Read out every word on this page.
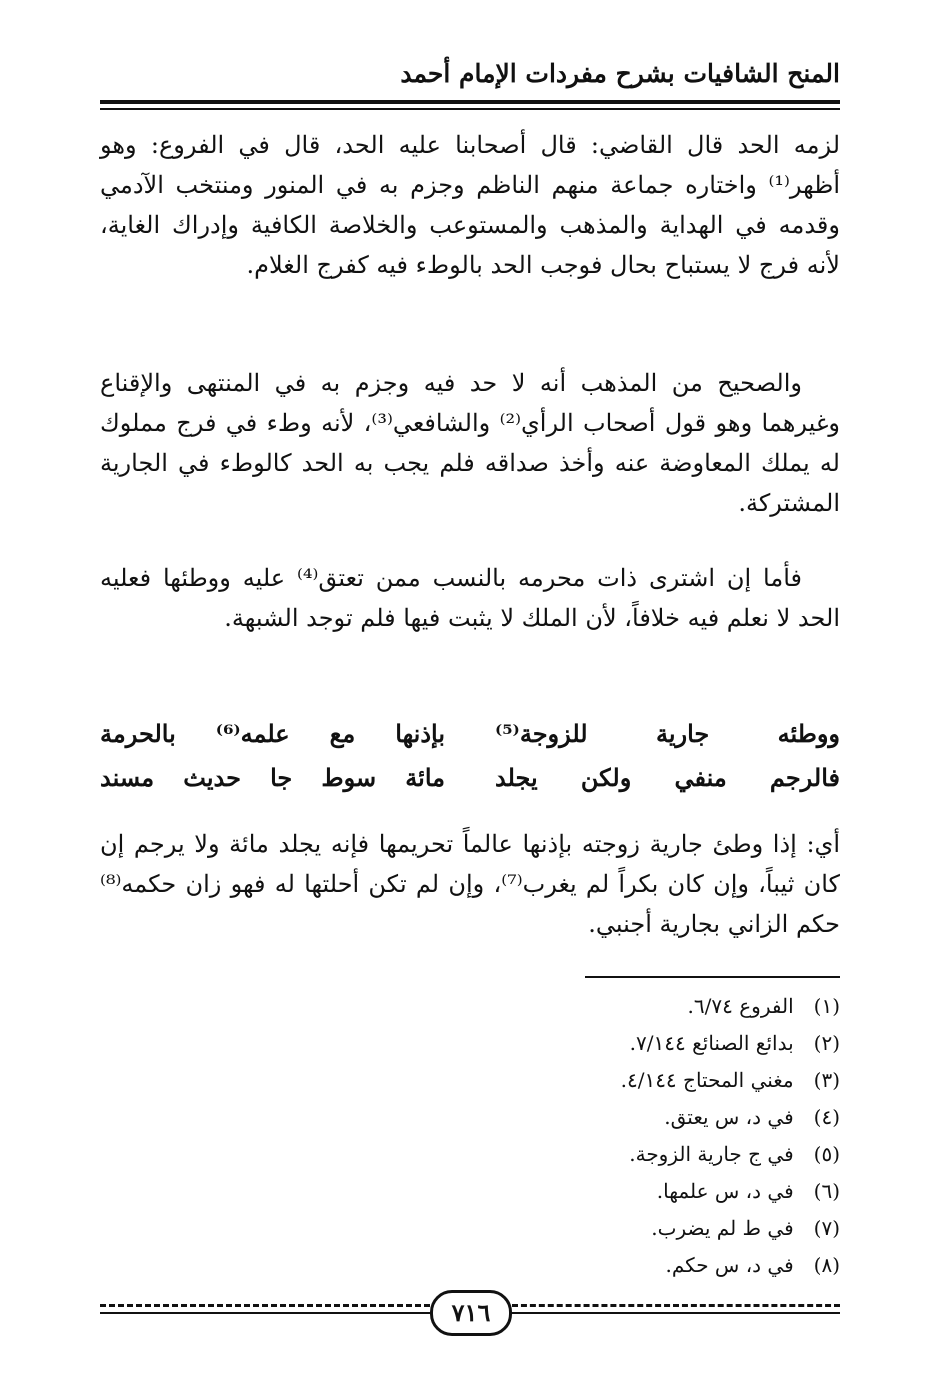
المنح الشافيات بشرح مفردات الإمام أحمد

لزمه الحد قال القاضي: قال أصحابنا عليه الحد، قال في الفروع: وهو أظهر⁽¹⁾ واختاره جماعة منهم الناظم وجزم به في المنور ومنتخب الآدمي وقدمه في الهداية والمذهب والمستوعب والخلاصة الكافية وإدراك الغاية، لأنه فرج لا يستباح بحال فوجب الحد بالوطء فيه كفرج الغلام.

والصحيح من المذهب أنه لا حد فيه وجزم به في المنتهى والإقناع وغيرهما وهو قول أصحاب الرأي⁽²⁾ والشافعي⁽³⁾، لأنه وطء في فرج مملوك له يملك المعاوضة عنه وأخذ صداقه فلم يجب به الحد كالوطء في الجارية المشتركة.

فأما إن اشترى ذات محرمه بالنسب ممن تعتق⁽⁴⁾ عليه ووطئها فعليه الحد لا نعلم فيه خلافاً، لأن الملك لا يثبت فيها فلم توجد الشبهة.

ووطئه جارية للزوجة⁽⁵⁾
بإذنها مع علمه⁽⁶⁾ بالحرمة
فالرجم منفي ولكن يجلد
مائة سوط جا حديث مسند

أي: إذا وطئ جارية زوجته بإذنها عالماً تحريمها فإنه يجلد مائة ولا يرجم إن كان ثيباً، وإن كان بكراً لم يغرب⁽⁷⁾، وإن لم تكن أحلتها له فهو زان حكمه⁽⁸⁾ حكم الزاني بجارية أجنبي.

(١) الفروع ٦/٧٤.
(٢) بدائع الصنائع ٧/١٤٤.
(٣) مغني المحتاج ٤/١٤٤.
(٤) في د، س يعتق.
(٥) في ج جارية الزوجة.
(٦) في د، س علمها.
(٧) في ط لم يضرب.
(٨) في د، س حكم.
٧١٦
